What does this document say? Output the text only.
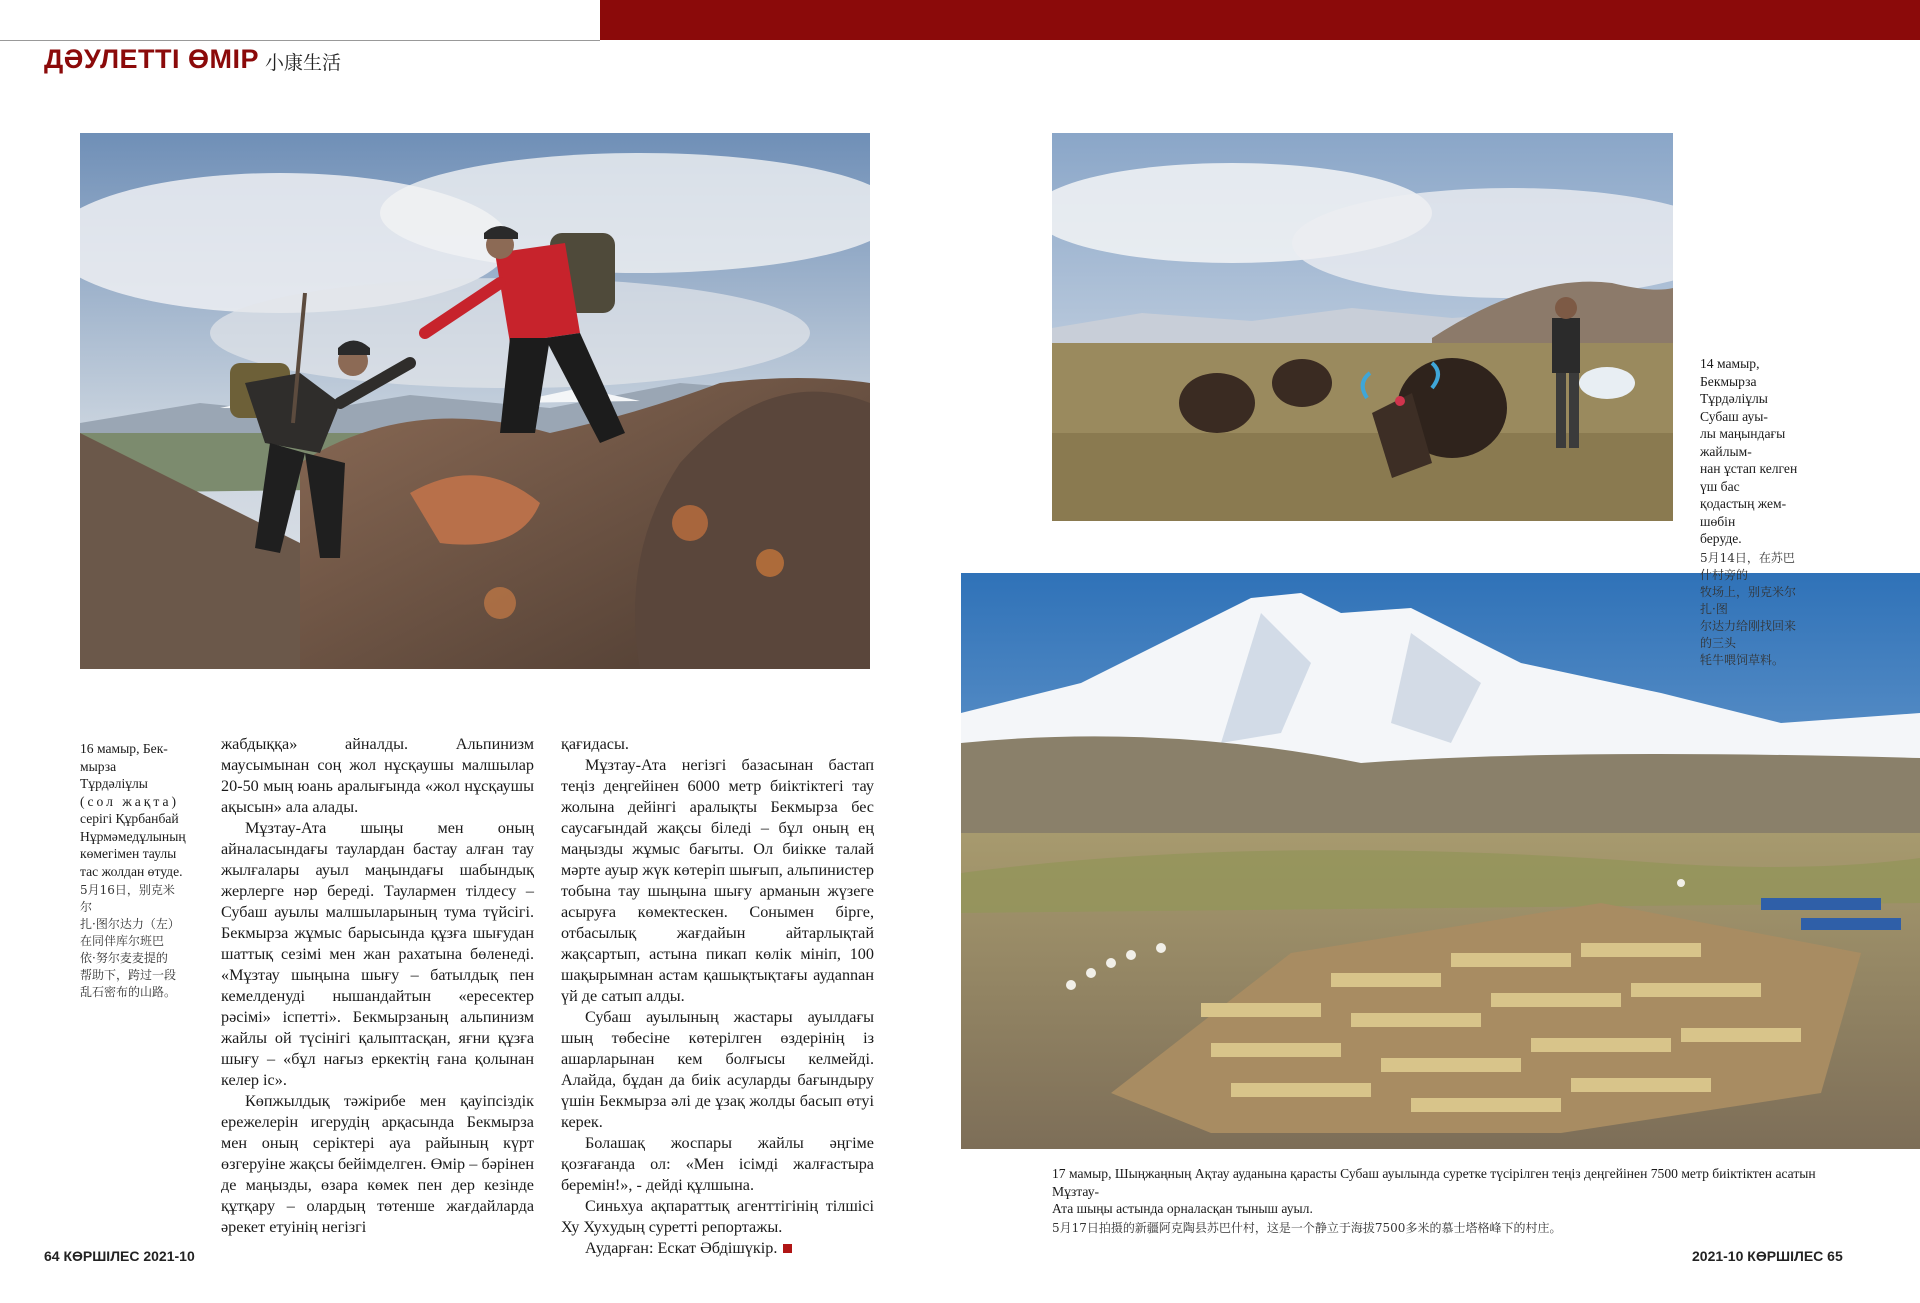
ДӘУЛЕТТІ ӨМІР 小康生活
16 мамыр, Бек-
мырза Тұрдәліұлы
(сол жақта)
серігі Құрбанбай
Нұрмәмедұлының
көмегімен таулы
тас жолдан өтуде.
5月16日，别克米尔
扎·图尔达力（左）
在同伴库尔班巴
依·努尔麦麦提的
帮助下，跨过一段
乱石密布的山路。
14 мамыр, Бекмырза
Тұрдәліұлы Субаш ауы-
лы маңындағы жайлым-
нан ұстап келген үш бас
қодастың жем-шөбін
беруде.
5月14日，在苏巴什村旁的
牧场上，别克米尔扎·图
尔达力给刚找回来的三头
牦牛喂饲草料。
17 мамыр, Шыңжаңның Ақтау ауданына қарасты Субаш ауылында суретке түсірілген теңіз деңгейінен 7500 метр биіктіктен асатын Мұзтау-
Ата шыңы астында орналасқан тыныш ауыл.
5月17日拍摄的新疆阿克陶县苏巴什村，这是一个静立于海拔7500多米的慕士塔格峰下的村庄。

жабдыққа» айналды. Альпинизм маусымынан соң жол нұсқаушы малшылар 20-50 мың юань аралығында «жол нұсқаушы ақысын» ала алады.

Мұзтау-Ата шыңы мен оның айналасындағы таулардан бастау алған тау жылғалары ауыл маңындағы шабындық жерлерге нәр береді. Таулармен тілдесу – Субаш ауылы малшыларының тума түйсігі. Бекмырза жұмыс барысында құзға шығудан шаттық сезімі мен жан рахатына бөленеді. «Мұзтау шыңына шығу – батылдық пен кемелденуді нышандайтын «ересектер рәсімі» іспетті». Бекмырзаның альпинизм жайлы ой түсінігі қалыптасқан, яғни құзға шығу – «бұл нағыз еркектің ғана қолынан келер іс».

Көпжылдық тәжірибе мен қауіпсіздік ережелерін игерудің арқасында Бекмырза мен оның серіктері ауа райының күрт өзгеруіне жақсы бейімделген. Өмір – бәрінен де маңызды, өзара көмек пен дер кезінде құтқару – олардың төтенше жағдайларда әрекет етуінің негізгі

қағидасы.

Мұзтау-Ата негізгі базасынан бастап теңіз деңгейінен 6000 метр биіктіктегі тау жолына дейінгі аралықты Бекмырза бес саусағындай жақсы біледі – бұл оның ең маңызды жұмыс бағыты. Ол биікке талай мәрте ауыр жүк көтеріп шығып, альпинистер тобына тау шыңына шығу арманын жүзеге асыруға көмектескен. Сонымен бірге, отбасылық жағдайын айтарлықтай жақсартып, астына пикап көлік мініп, 100 шақырымнан астам қашықтықтағы аудannан үй де сатып алды.

Субаш ауылының жастары ауылдағы шың төбесіне көтерілген өздерінің із ашарларынан кем болғысы келмейді. Алайда, бұдан да биік асуларды бағындыру үшін Бекмырза әлі де ұзақ жолды басып өтуі керек.

Болашақ жоспары жайлы әңгіме қозғағанда ол: «Мен ісімді жалғастыра беремін!», - дейді құлшына.

Синьхуа ақпараттық агенттігінің тілшісі Ху Хуxудың суретті репортажы.

Аударған: Ескат Әбдішүкір.

64 КӨРШІЛЕС 2021-10	2021-10 КӨРШІЛЕС 65
